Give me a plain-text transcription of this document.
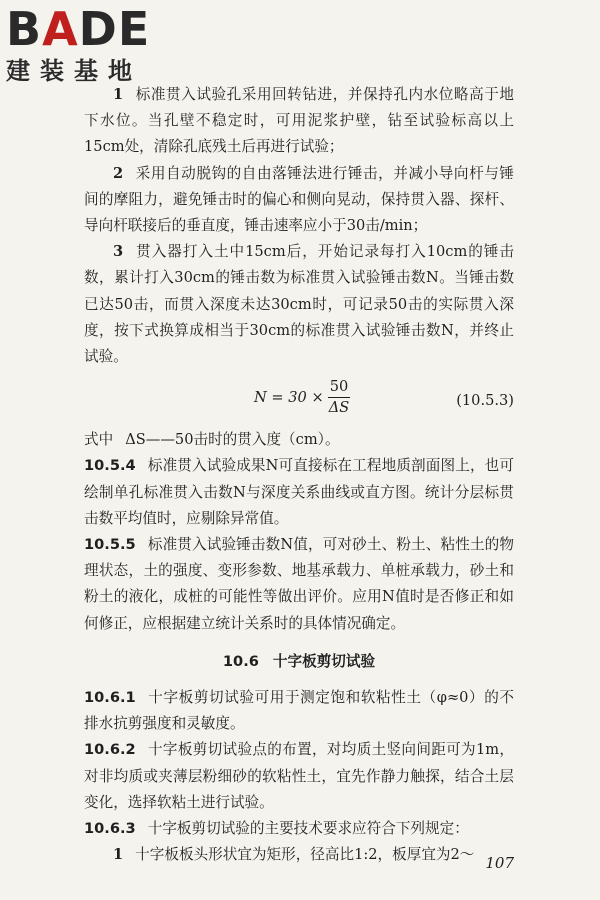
BADE
建装基地

1 标准贯入试验孔采用回转钻进，并保持孔内水位略高于地下水位。当孔壁不稳定时，可用泥浆护壁，钻至试验标高以上15cm处，清除孔底残土后再进行试验；

2 采用自动脱钩的自由落锤法进行锤击，并减小导向杆与锤间的摩阻力，避免锤击时的偏心和侧向晃动，保持贯入器、探杆、导向杆联接后的垂直度，锤击速率应小于30击/min；

3 贯入器打入土中15cm后，开始记录每打入10cm的锤击数，累计打入30cm的锤击数为标准贯入试验锤击数N。当锤击数已达50击，而贯入深度未达30cm时，可记录50击的实际贯入深度，按下式换算成相当于30cm的标准贯入试验锤击数N，并终止试验。

$N = 30 \times \frac{50}{\Delta S}$	(10.5.3)

式中 ΔS——50击时的贯入度（cm）。

10.5.4 标准贯入试验成果N可直接标在工程地质剖面图上，也可绘制单孔标准贯入击数N与深度关系曲线或直方图。统计分层标贯击数平均值时，应剔除异常值。

10.5.5 标准贯入试验锤击数N值，可对砂土、粉土、粘性土的物理状态，土的强度、变形参数、地基承载力、单桩承载力，砂土和粉土的液化，成桩的可能性等做出评价。应用N值时是否修正和如何修正，应根据建立统计关系时的具体情况确定。

10.6 十字板剪切试验

10.6.1 十字板剪切试验可用于测定饱和软粘性土（φ≈0）的不排水抗剪强度和灵敏度。

10.6.2 十字板剪切试验点的布置，对均质土竖向间距可为1m，对非均质或夹薄层粉细砂的软粘性土，宜先作静力触探，结合土层变化，选择软粘土进行试验。

10.6.3 十字板剪切试验的主要技术要求应符合下列规定：

1 十字板板头形状宜为矩形，径高比1:2，板厚宜为2～ 107
